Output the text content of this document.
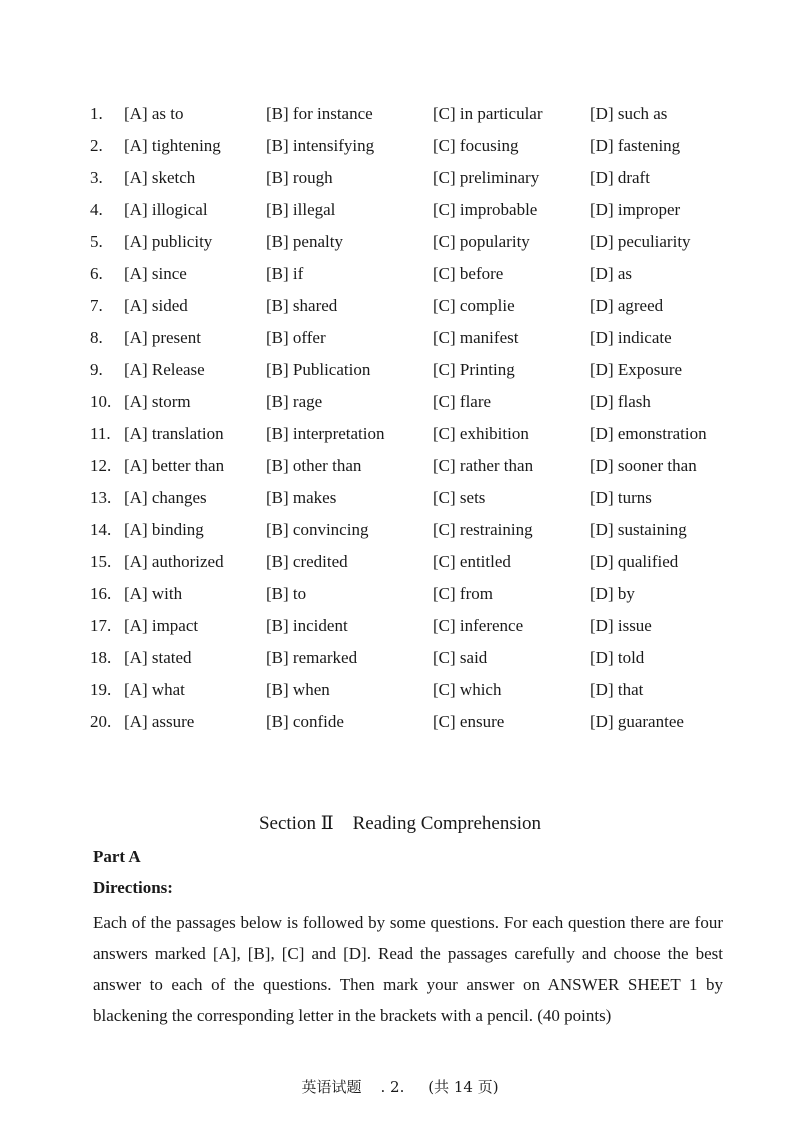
1.	[A] as to	[B] for instance	[C] in particular	[D] such as
2.	[A] tightening	[B] intensifying	[C] focusing	[D] fastening
3.	[A] sketch	[B] rough	[C] preliminary	[D] draft
4.	[A] illogical	[B] illegal	[C] improbable	[D] improper
5.	[A] publicity	[B] penalty	[C] popularity	[D] peculiarity
6.	[A] since	[B] if	[C] before	[D] as
7.	[A] sided	[B] shared	[C] complie	[D] agreed
8.	[A] present	[B] offer	[C] manifest	[D] indicate
9.	[A] Release	[B] Publication	[C] Printing	[D] Exposure
10. [A] storm	[B] rage	[C] flare	[D] flash
11. [A] translation [B] interpretation	[C] exhibition	[D] emonstration
12. [A] better than [B] other than	[C] rather than	[D] sooner than
13. [A] changes	[B] makes	[C] sets	[D] turns
14. [A] binding	[B] convincing	[C] restraining	[D] sustaining
15. [A] authorized [B] credited	[C] entitled	[D] qualified
16. [A] with	[B] to	[C] from	[D] by
17. [A] impact	[B] incident	[C] inference	[D] issue
18. [A] stated	[B] remarked	[C] said	[D] told
19. [A] what	[B] when	[C] which	[D] that
20. [A] assure	[B] confide	[C] ensure	[D] guarantee
Section Ⅱ    Reading Comprehension
Part A
Directions:
Each of the passages below is followed by some questions. For each question there are four answers marked [A], [B], [C] and [D]. Read the passages carefully and choose the best answer to each of the questions. Then mark your answer on ANSWER SHEET 1 by blackening the corresponding letter in the brackets with a pencil. (40 points)
英语试题    . 2.     (共 14 页)
